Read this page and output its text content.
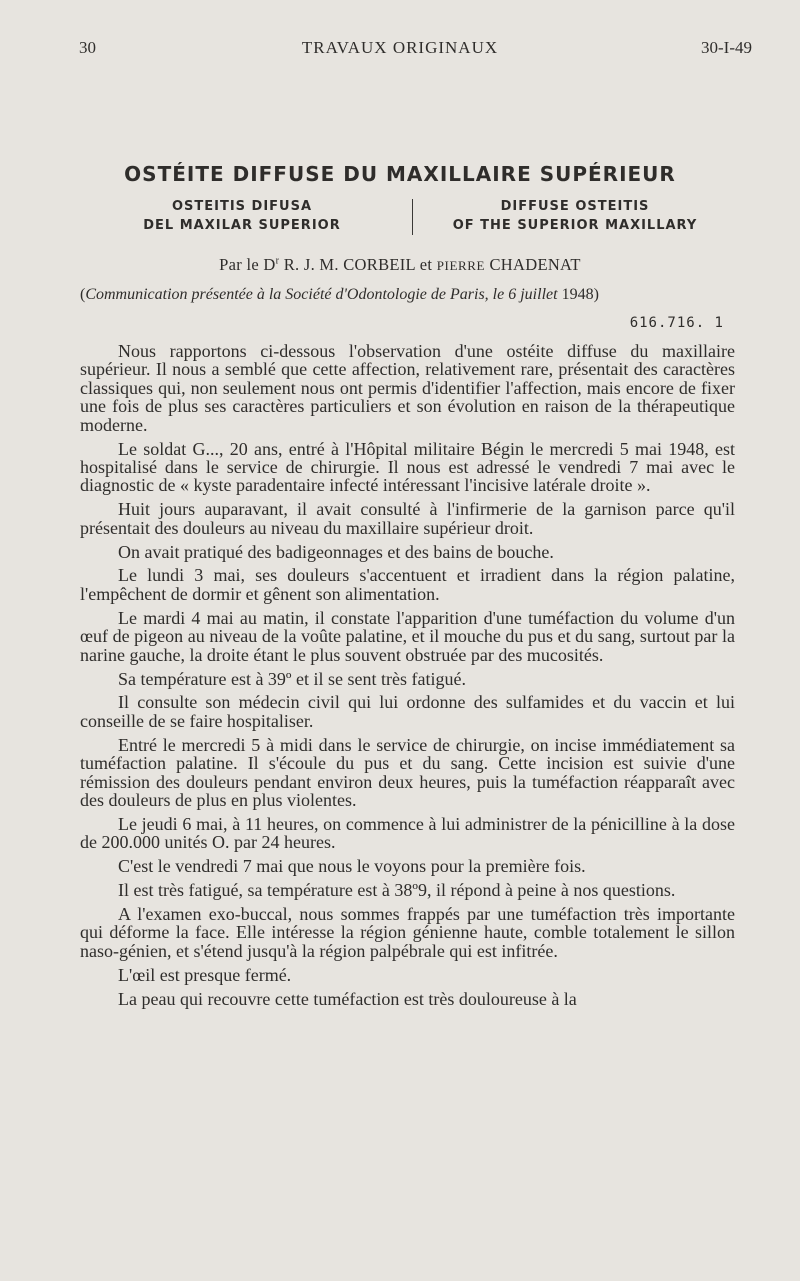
30	TRAVAUX ORIGINAUX	30-I-49
OSTÉITE DIFFUSE DU MAXILLAIRE SUPÉRIEUR
OSTEITIS DIFUSA
DEL MAXILAR SUPERIOR
DIFFUSE OSTEITIS
OF THE SUPERIOR MAXILLARY
Par le $D^r$ R. J. M. CORBEIL et PIERRE CHADENAT
(Communication présentée à la Société d'Odontologie de Paris, le 6 juillet 1948)
616.716. 1

Nous rapportons ci-dessous l'observation d'une ostéite diffuse du maxillaire supérieur. Il nous a semblé que cette affection, relativement rare, présentait des caractères classiques qui, non seulement nous ont permis d'identifier l'affection, mais encore de fixer une fois de plus ses caractères particuliers et son évolution en raison de la thérapeutique moderne.

Le soldat G..., 20 ans, entré à l'Hôpital militaire Bégin le mercredi 5 mai 1948, est hospitalisé dans le service de chirurgie. Il nous est adressé le vendredi 7 mai avec le diagnostic de « kyste paradentaire infecté intéressant l'incisive latérale droite ».

Huit jours auparavant, il avait consulté à l'infirmerie de la garnison parce qu'il présentait des douleurs au niveau du maxillaire supérieur droit.

On avait pratiqué des badigeonnages et des bains de bouche.

Le lundi 3 mai, ses douleurs s'accentuent et irradient dans la région palatine, l'empêchent de dormir et gênent son alimentation.

Le mardi 4 mai au matin, il constate l'apparition d'une tuméfaction du volume d'un œuf de pigeon au niveau de la voûte palatine, et il mouche du pus et du sang, surtout par la narine gauche, la droite étant le plus souvent obstruée par des mucosités.

Sa température est à 39º et il se sent très fatigué.

Il consulte son médecin civil qui lui ordonne des sulfamides et du vaccin et lui conseille de se faire hospitaliser.

Entré le mercredi 5 à midi dans le service de chirurgie, on incise immédiatement sa tuméfaction palatine. Il s'écoule du pus et du sang. Cette incision est suivie d'une rémission des douleurs pendant environ deux heures, puis la tuméfaction réapparaît avec des douleurs de plus en plus violentes.

Le jeudi 6 mai, à 11 heures, on commence à lui administrer de la pénicilline à la dose de 200.000 unités O. par 24 heures.

C'est le vendredi 7 mai que nous le voyons pour la première fois.

Il est très fatigué, sa température est à 38º9, il répond à peine à nos questions.

A l'examen exo-buccal, nous sommes frappés par une tuméfaction très importante qui déforme la face. Elle intéresse la région génienne haute, comble totalement le sillon naso-génien, et s'étend jusqu'à la région palpébrale qui est infitrée.

L'œil est presque fermé.

La peau qui recouvre cette tuméfaction est très douloureuse à la
